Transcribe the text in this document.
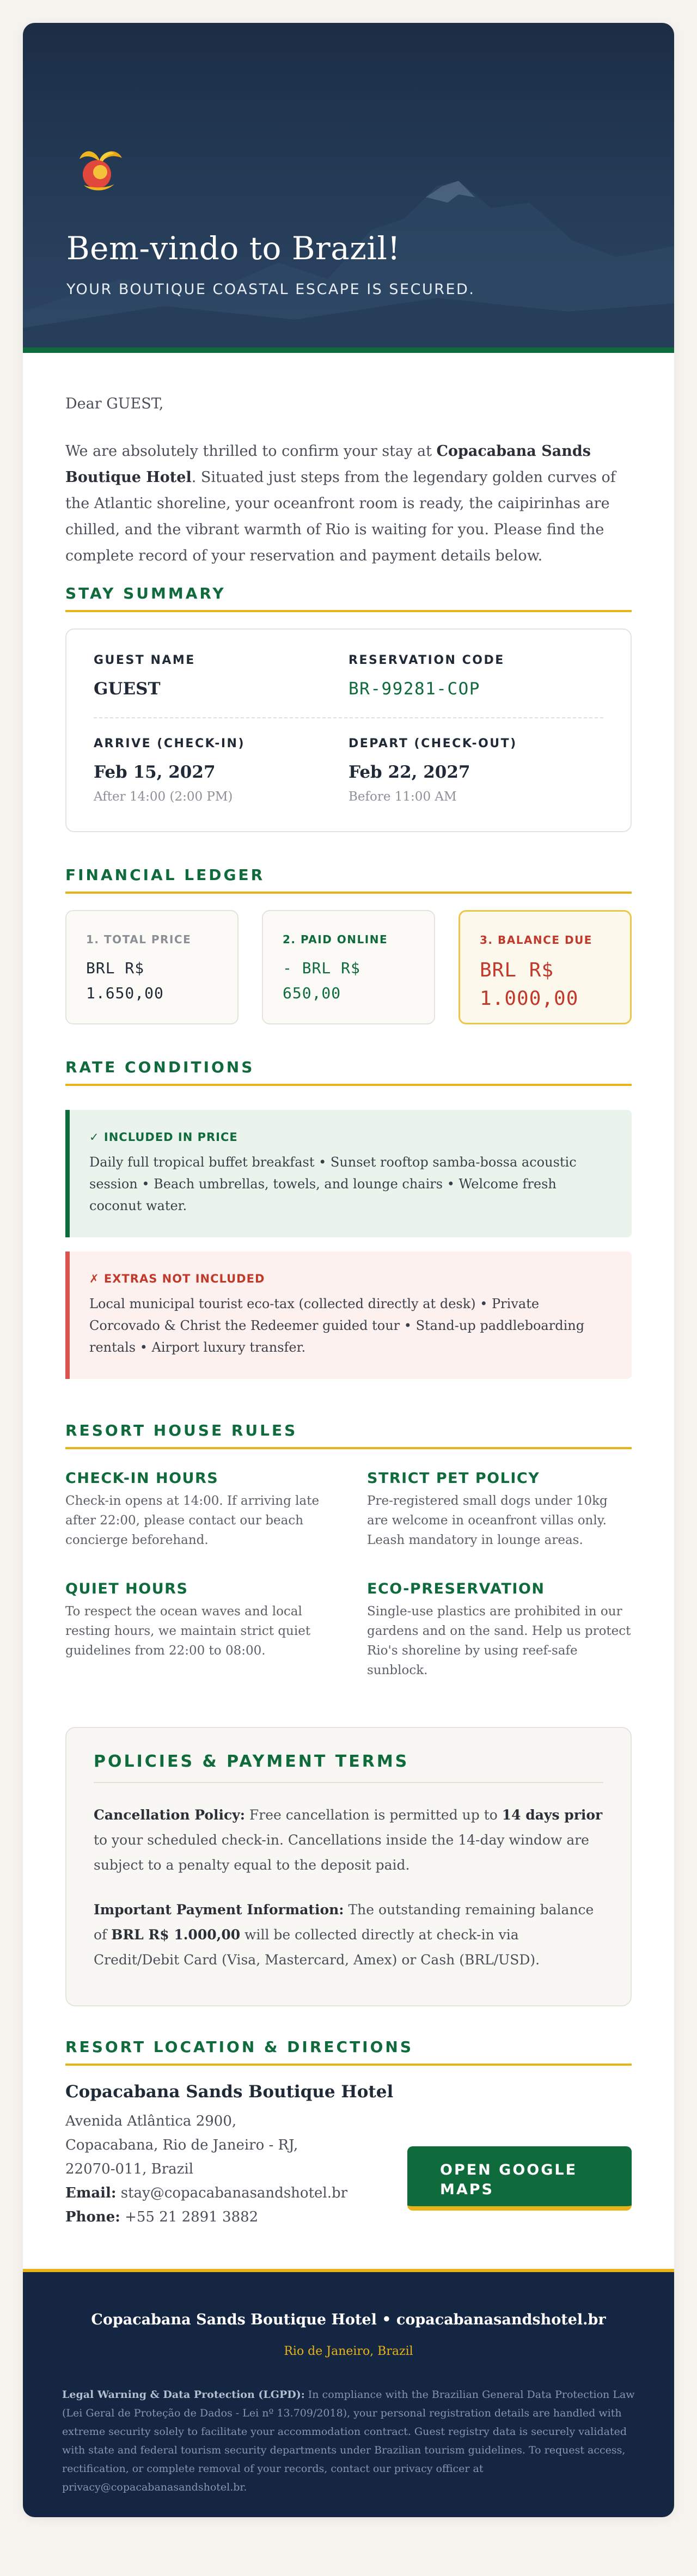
Bem-vindo to Brazil!
YOUR BOUTIQUE COASTAL ESCAPE IS SECURED.
Dear GUEST,
We are absolutely thrilled to confirm your stay at Copacabana Sands Boutique Hotel. Situated just steps from the legendary golden curves of the Atlantic shoreline, your oceanfront room is ready, the caipirinhas are chilled, and the vibrant warmth of Rio is waiting for you. Please find the complete record of your reservation and payment details below.
STAY SUMMARY
GUEST NAME
GUEST
RESERVATION CODE
BR-99281-COP
ARRIVE (CHECK-IN)
Feb 15, 2027
After 14:00 (2:00 PM)
DEPART (CHECK-OUT)
Feb 22, 2027
Before 11:00 AM
FINANCIAL LEDGER
1. TOTAL PRICE
BRL R$
1.650,00
2. PAID ONLINE
- BRL R$
650,00
3. BALANCE DUE
BRL R$
1.000,00
RATE CONDITIONS
✓ INCLUDED IN PRICE
Daily full tropical buffet breakfast • Sunset rooftop samba-bossa acoustic session • Beach umbrellas, towels, and lounge chairs • Welcome fresh coconut water.
✗ EXTRAS NOT INCLUDED
Local municipal tourist eco-tax (collected directly at desk) • Private Corcovado & Christ the Redeemer guided tour • Stand-up paddleboarding rentals • Airport luxury transfer.
RESORT HOUSE RULES
CHECK-IN HOURS
Check-in opens at 14:00. If arriving late after 22:00, please contact our beach concierge beforehand.
STRICT PET POLICY
Pre-registered small dogs under 10kg are welcome in oceanfront villas only. Leash mandatory in lounge areas.
QUIET HOURS
To respect the ocean waves and local resting hours, we maintain strict quiet guidelines from 22:00 to 08:00.
ECO-PRESERVATION
Single-use plastics are prohibited in our gardens and on the sand. Help us protect Rio's shoreline by using reef-safe sunblock.
POLICIES & PAYMENT TERMS

Cancellation Policy: Free cancellation is permitted up to 14 days prior to your scheduled check-in. Cancellations inside the 14-day window are subject to a penalty equal to the deposit paid.

Important Payment Information: The outstanding remaining balance of BRL R$ 1.000,00 will be collected directly at check-in via Credit/Debit Card (Visa, Mastercard, Amex) or Cash (BRL/USD).

RESORT LOCATION & DIRECTIONS
Copacabana Sands Boutique Hotel
Avenida Atlântica 2900,
Copacabana, Rio de Janeiro - RJ,
22070-011, Brazil
Email: stay@copacabanasandshotel.br
Phone: +55 21 2891 3882
OPEN GOOGLE MAPS
Copacabana Sands Boutique Hotel • copacabanasandshotel.br
Rio de Janeiro, Brazil
Legal Warning & Data Protection (LGPD): In compliance with the Brazilian General Data Protection Law (Lei Geral de Proteção de Dados - Lei nº 13.709/2018), your personal registration details are handled with extreme security solely to facilitate your accommodation contract. Guest registry data is securely validated with state and federal tourism security departments under Brazilian tourism guidelines. To request access, rectification, or complete removal of your records, contact our privacy officer at privacy@copacabanasandshotel.br.
